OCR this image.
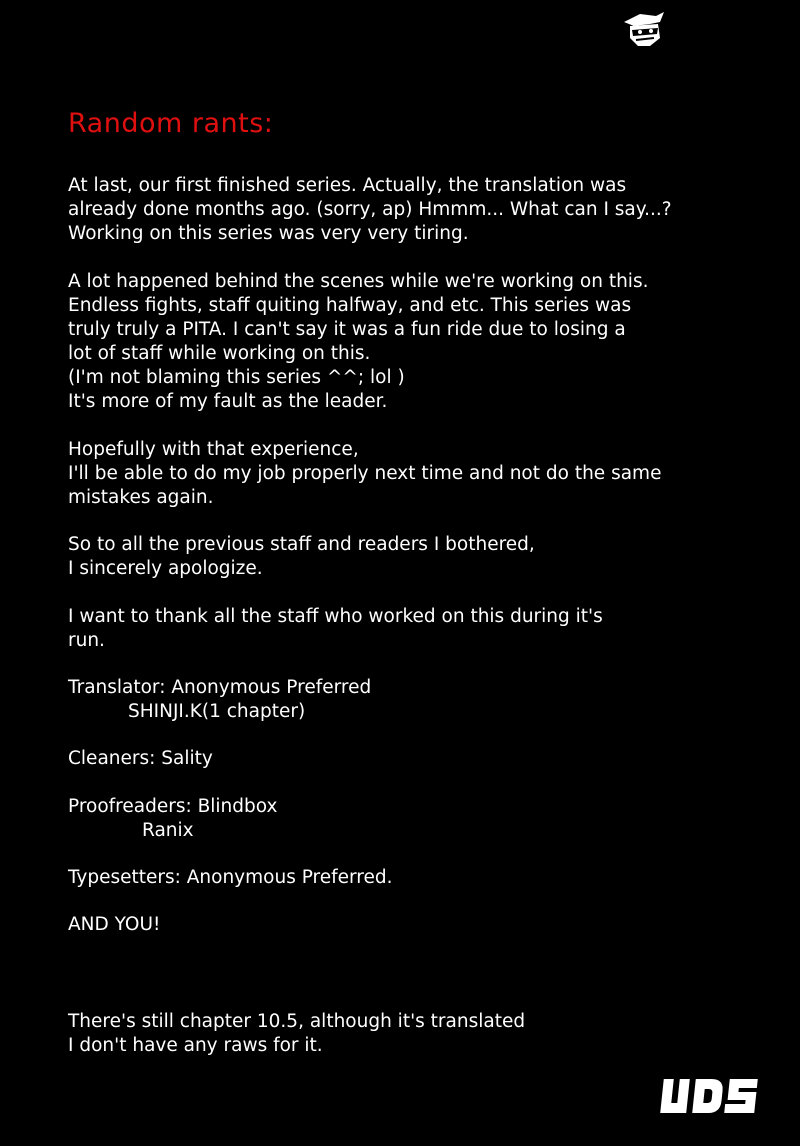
Random rants:
At last, our first finished series. Actually, the translation was
already done months ago. (sorry, ap) Hmmm... What can I say...?
Working on this series was very very tiring.
A lot happened behind the scenes while we're working on this.
Endless fights, staff quiting halfway, and etc. This series was
truly truly a PITA. I can't say it was a fun ride due to losing a
lot of staff while working on this.
(I'm not blaming this series ^^; lol )
It's more of my fault as the leader.
Hopefully with that experience,
I'll be able to do my job properly next time and not do the same
mistakes again.
So to all the previous staff and readers I bothered,
I sincerely apologize.
I want to thank all the staff who worked on this during it's
run.
Translator: Anonymous Preferred
SHINJI.K(1 chapter)
Cleaners: Sality
Proofreaders: Blindbox
Ranix
Typesetters: Anonymous Preferred.
AND YOU!
There's still chapter 10.5, although it's translated
I don't have any raws for it.
